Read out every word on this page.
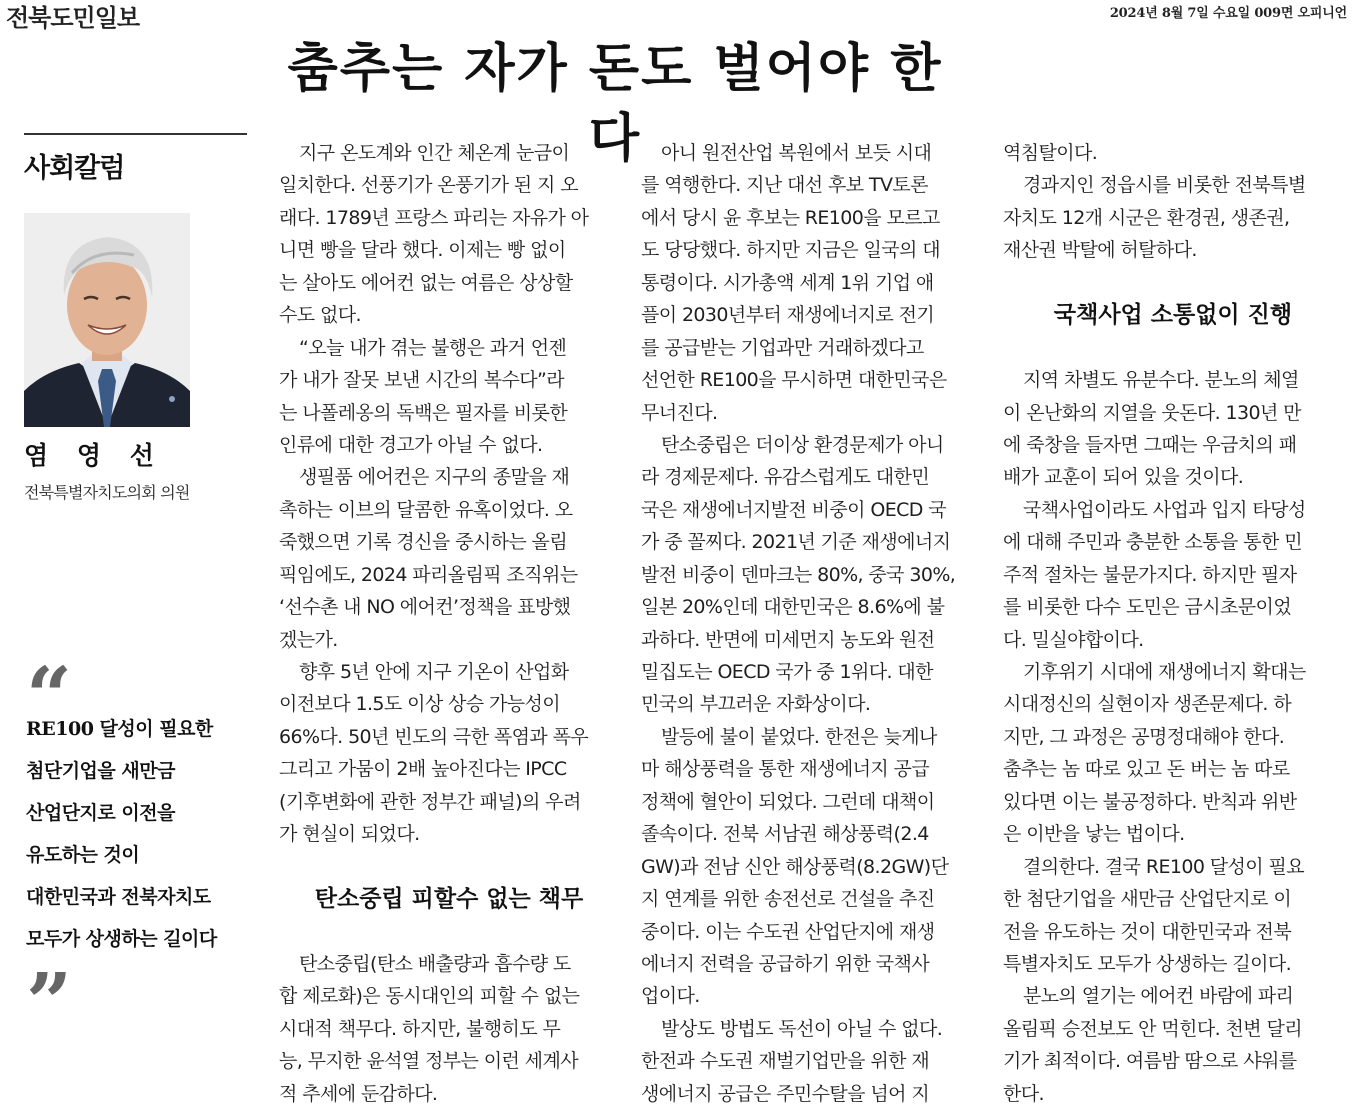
전북도민일보	2024년 8월 7일 수요일 009면 오피니언
춤추는 자가 돈도 벌어야 한다
사회칼럼
염 영 선
전북특별자치도의회 의원
“
RE100 달성이 필요한
첨단기업을 새만금
산업단지로 이전을
유도하는 것이
대한민국과 전북자치도
모두가 상생하는 길이다
”
지구 온도계와 인간 체온계 눈금이
일치한다. 선풍기가 온풍기가 된 지 오
래다. 1789년 프랑스 파리는 자유가 아
니면 빵을 달라 했다. 이제는 빵 없이
는 살아도 에어컨 없는 여름은 상상할
수도 없다.
“오늘 내가 겪는 불행은 과거 언젠
가 내가 잘못 보낸 시간의 복수다”라
는 나폴레옹의 독백은 필자를 비롯한
인류에 대한 경고가 아닐 수 없다.
생필품 에어컨은 지구의 종말을 재
촉하는 이브의 달콤한 유혹이었다. 오
죽했으면 기록 경신을 중시하는 올림
픽임에도, 2024 파리올림픽 조직위는
‘선수촌 내 NO 에어컨’정책을 표방했
겠는가.
향후 5년 안에 지구 기온이 산업화
이전보다 1.5도 이상 상승 가능성이
66%다. 50년 빈도의 극한 폭염과 폭우
그리고 가뭄이 2배 높아진다는 IPCC
(기후변화에 관한 정부간 패널)의 우려
가 현실이 되었다.
탄소중립 피할수 없는 책무
탄소중립(탄소 배출량과 흡수량 도
합 제로화)은 동시대인의 피할 수 없는
시대적 책무다. 하지만, 불행히도 무
능, 무지한 윤석열 정부는 이런 세계사
적 추세에 둔감하다.
아니 원전산업 복원에서 보듯 시대
를 역행한다. 지난 대선 후보 TV토론
에서 당시 윤 후보는 RE100을 모르고
도 당당했다. 하지만 지금은 일국의 대
통령이다. 시가총액 세계 1위 기업 애
플이 2030년부터 재생에너지로 전기
를 공급받는 기업과만 거래하겠다고
선언한 RE100을 무시하면 대한민국은
무너진다.
탄소중립은 더이상 환경문제가 아니
라 경제문제다. 유감스럽게도 대한민
국은 재생에너지발전 비중이 OECD 국
가 중 꼴찌다. 2021년 기준 재생에너지
발전 비중이 덴마크는 80%, 중국 30%,
일본 20%인데 대한민국은 8.6%에 불
과하다. 반면에 미세먼지 농도와 원전
밀집도는 OECD 국가 중 1위다. 대한
민국의 부끄러운 자화상이다.
발등에 불이 붙었다. 한전은 늦게나
마 해상풍력을 통한 재생에너지 공급
정책에 혈안이 되었다. 그런데 대책이
졸속이다. 전북 서남권 해상풍력(2.4
GW)과 전남 신안 해상풍력(8.2GW)단
지 연계를 위한 송전선로 건설을 추진
중이다. 이는 수도권 산업단지에 재생
에너지 전력을 공급하기 위한 국책사
업이다.
발상도 방법도 독선이 아닐 수 없다.
한전과 수도권 재벌기업만을 위한 재
생에너지 공급은 주민수탈을 넘어 지
역침탈이다.
경과지인 정읍시를 비롯한 전북특별
자치도 12개 시군은 환경권, 생존권,
재산권 박탈에 허탈하다.
국책사업 소통없이 진행
지역 차별도 유분수다. 분노의 체열
이 온난화의 지열을 웃돈다. 130년 만
에 죽창을 들자면 그때는 우금치의 패
배가 교훈이 되어 있을 것이다.
국책사업이라도 사업과 입지 타당성
에 대해 주민과 충분한 소통을 통한 민
주적 절차는 불문가지다. 하지만 필자
를 비롯한 다수 도민은 금시초문이었
다. 밀실야합이다.
기후위기 시대에 재생에너지 확대는
시대정신의 실현이자 생존문제다. 하
지만, 그 과정은 공명정대해야 한다.
춤추는 놈 따로 있고 돈 버는 놈 따로
있다면 이는 불공정하다. 반칙과 위반
은 이반을 낳는 법이다.
결의한다. 결국 RE100 달성이 필요
한 첨단기업을 새만금 산업단지로 이
전을 유도하는 것이 대한민국과 전북
특별자치도 모두가 상생하는 길이다.
분노의 열기는 에어컨 바람에 파리
올림픽 승전보도 안 먹힌다. 천변 달리
기가 최적이다. 여름밤 땀으로 샤워를
한다.
